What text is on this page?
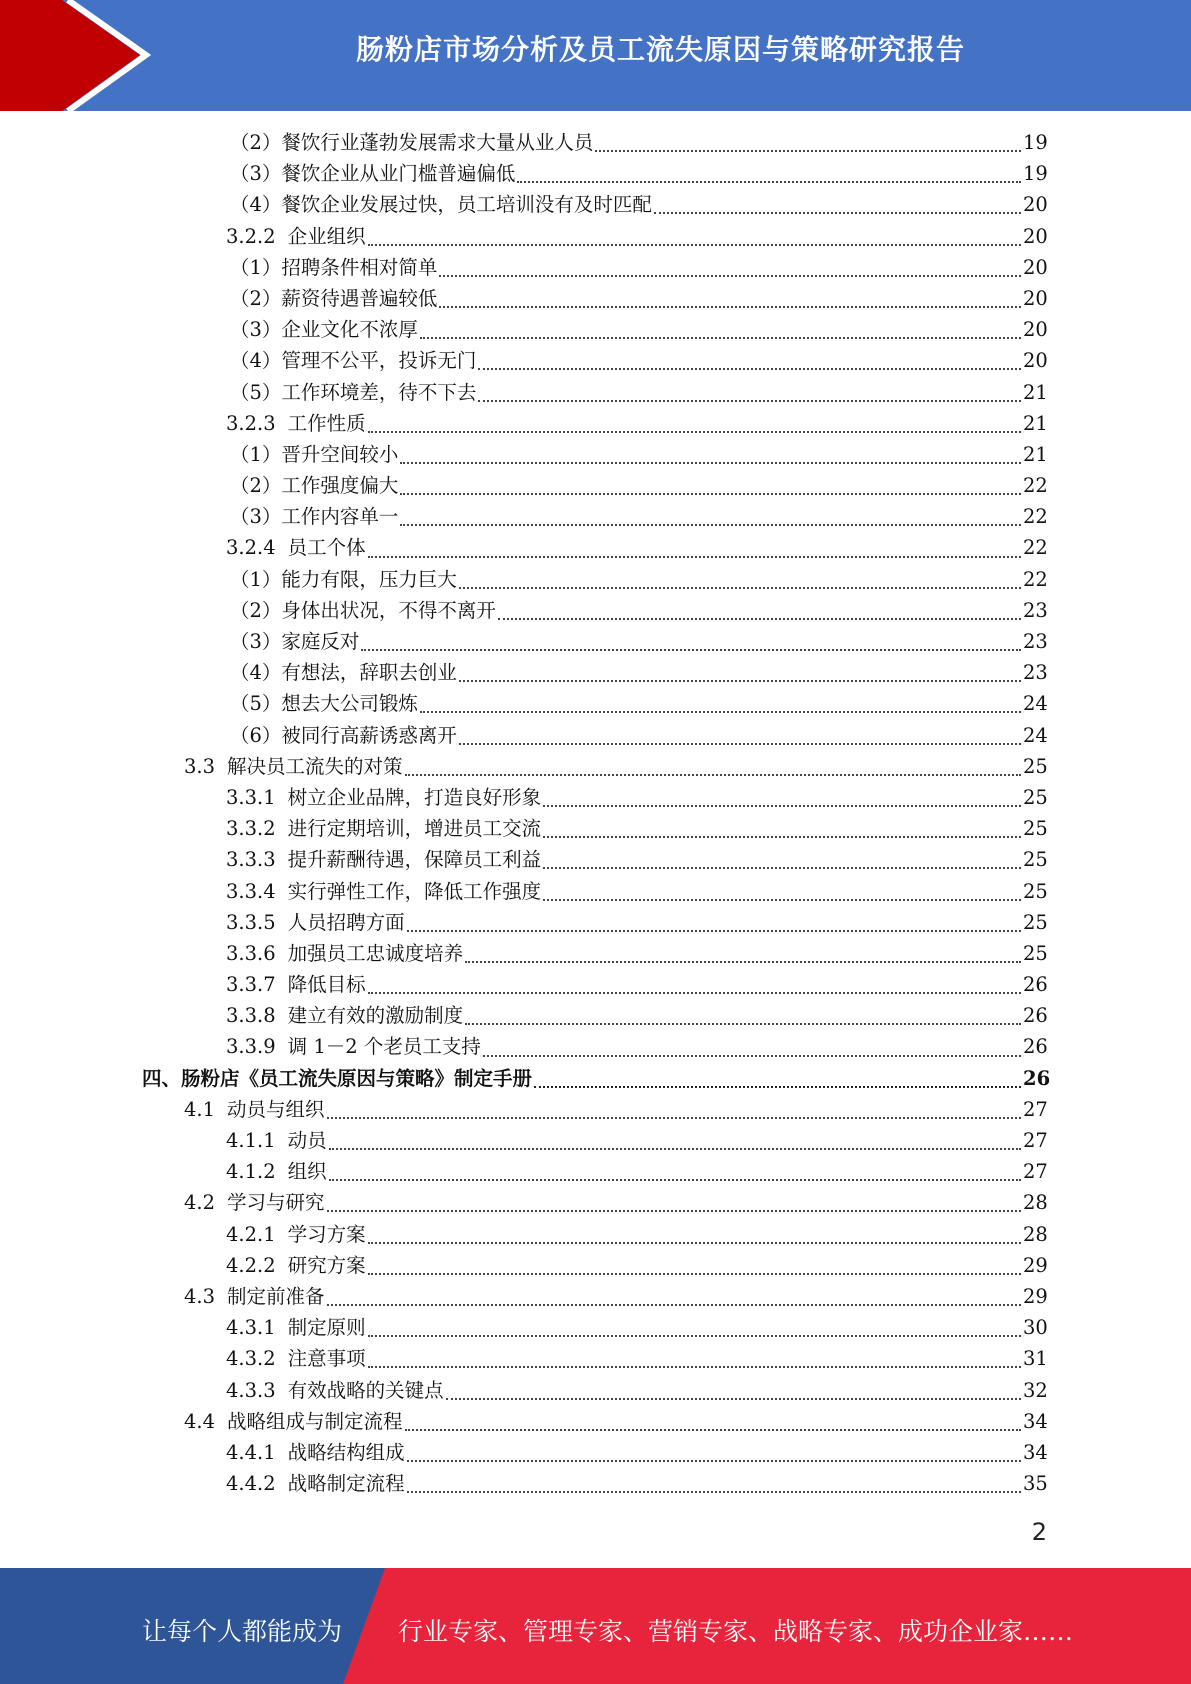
肠粉店市场分析及员工流失原因与策略研究报告
（2）餐饮行业蓬勃发展需求大量从业人员	19
（3）餐饮企业从业门槛普遍偏低	19
（4）餐饮企业发展过快，员工培训没有及时匹配	20
3.2.2 企业组织	20
（1）招聘条件相对简单	20
（2）薪资待遇普遍较低	20
（3）企业文化不浓厚	20
（4）管理不公平，投诉无门	20
（5）工作环境差，待不下去	21
3.2.3 工作性质	21
（1）晋升空间较小	21
（2）工作强度偏大	22
（3）工作内容单一	22
3.2.4 员工个体	22
（1）能力有限，压力巨大	22
（2）身体出状况，不得不离开	23
（3）家庭反对	23
（4）有想法，辞职去创业	23
（5）想去大公司锻炼	24
（6）被同行高薪诱惑离开	24
3.3 解决员工流失的对策	25
3.3.1 树立企业品牌，打造良好形象	25
3.3.2 进行定期培训，增进员工交流	25
3.3.3 提升薪酬待遇，保障员工利益	25
3.3.4 实行弹性工作，降低工作强度	25
3.3.5 人员招聘方面	25
3.3.6 加强员工忠诚度培养	25
3.3.7 降低目标	26
3.3.8 建立有效的激励制度	26
3.3.9 调 1－2 个老员工支持	26
四、肠粉店《员工流失原因与策略》制定手册	26
4.1 动员与组织	27
4.1.1 动员	27
4.1.2 组织	27
4.2 学习与研究	28
4.2.1 学习方案	28
4.2.2 研究方案	29
4.3 制定前准备	29
4.3.1 制定原则	30
4.3.2 注意事项	31
4.3.3 有效战略的关键点	32
4.4 战略组成与制定流程	34
4.4.1 战略结构组成	34
4.4.2 战略制定流程	35
2
让每个人都能成为 行业专家、管理专家、营销专家、战略专家、成功企业家……
